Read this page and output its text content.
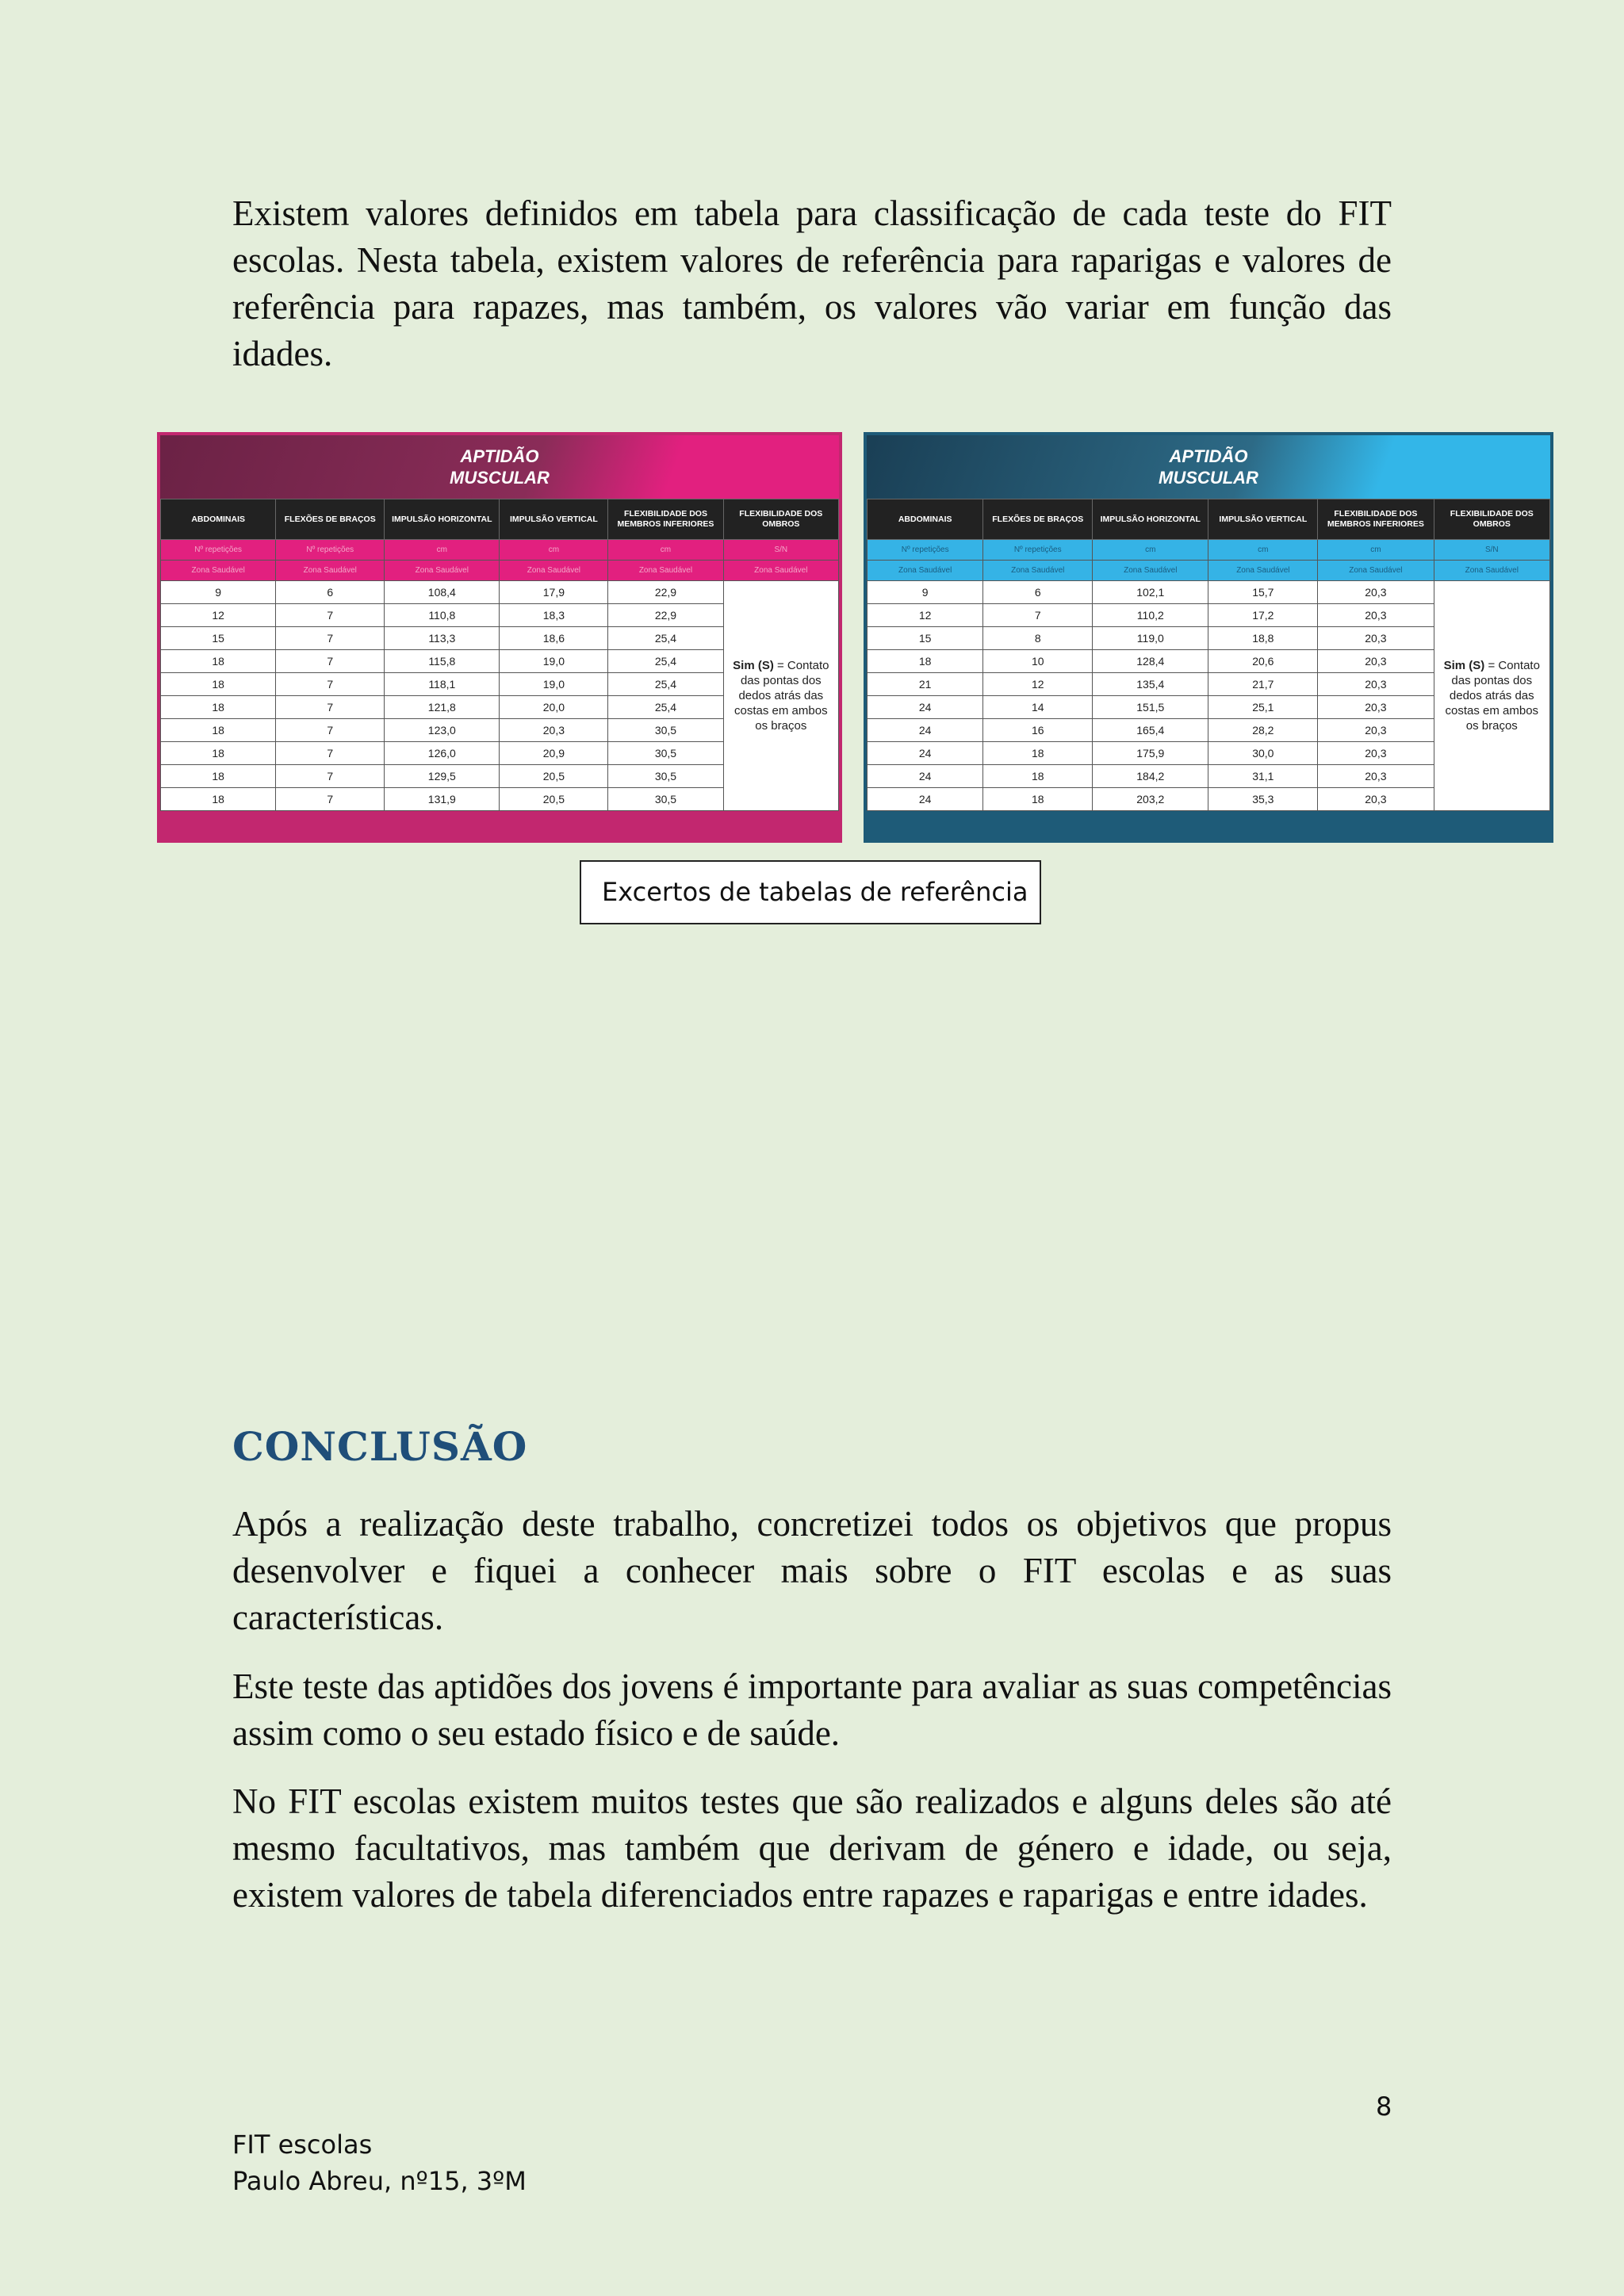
Existem valores definidos em tabela para classificação de cada teste do FIT escolas. Nesta tabela, existem valores de referência para raparigas e valores de referência para rapazes, mas também, os valores vão variar em função das idades.

APTIDÃO
MUSCULAR
ABDOMINAIS	FLEXÕES DE BRAÇOS	IMPULSÃO HORIZONTAL	IMPULSÃO VERTICAL	FLEXIBILIDADE DOS MEMBROS INFERIORES	FLEXIBILIDADE DOS OMBROS
Nº repetições	Nº repetições	cm	cm	cm	S/N
Zona Saudável	Zona Saudável	Zona Saudável	Zona Saudável	Zona Saudável	Zona Saudável
9	6	108,4	17,9	22,9	Sim (S) = Contato das pontas dos dedos atrás das costas em ambos os braços
12	7	110,8	18,3	22,9	
15	7	113,3	18,6	25,4	
18	7	115,8	19,0	25,4	
18	7	118,1	19,0	25,4	
18	7	121,8	20,0	25,4	
18	7	123,0	20,3	30,5	
18	7	126,0	20,9	30,5	
18	7	129,5	20,5	30,5	
18	7	131,9	20,5	30,5	
APTIDÃO
MUSCULAR
ABDOMINAIS	FLEXÕES DE BRAÇOS	IMPULSÃO HORIZONTAL	IMPULSÃO VERTICAL	FLEXIBILIDADE DOS MEMBROS INFERIORES	FLEXIBILIDADE DOS OMBROS
Nº repetições	Nº repetições	cm	cm	cm	S/N
Zona Saudável	Zona Saudável	Zona Saudável	Zona Saudável	Zona Saudável	Zona Saudável
9	6	102,1	15,7	20,3	Sim (S) = Contato das pontas dos dedos atrás das costas em ambos os braços
12	7	110,2	17,2	20,3	
15	8	119,0	18,8	20,3	
18	10	128,4	20,6	20,3	
21	12	135,4	21,7	20,3	
24	14	151,5	25,1	20,3	
24	16	165,4	28,2	20,3	
24	18	175,9	30,0	20,3	
24	18	184,2	31,1	20,3	
24	18	203,2	35,3	20,3	
Excertos de tabelas de referência
CONCLUSÃO

Após a realização deste trabalho, concretizei todos os objetivos que propus desenvolver e fiquei a conhecer mais sobre o FIT escolas e as suas características.

Este teste das aptidões dos jovens é importante para avaliar as suas competências assim como o seu estado físico e de saúde.

No FIT escolas existem muitos testes que são realizados e alguns deles são até mesmo facultativos, mas também que derivam de género e idade, ou seja, existem valores de tabela diferenciados entre rapazes e raparigas e entre idades.

8

FIT escolas

Paulo Abreu, nº15, 3ºM
